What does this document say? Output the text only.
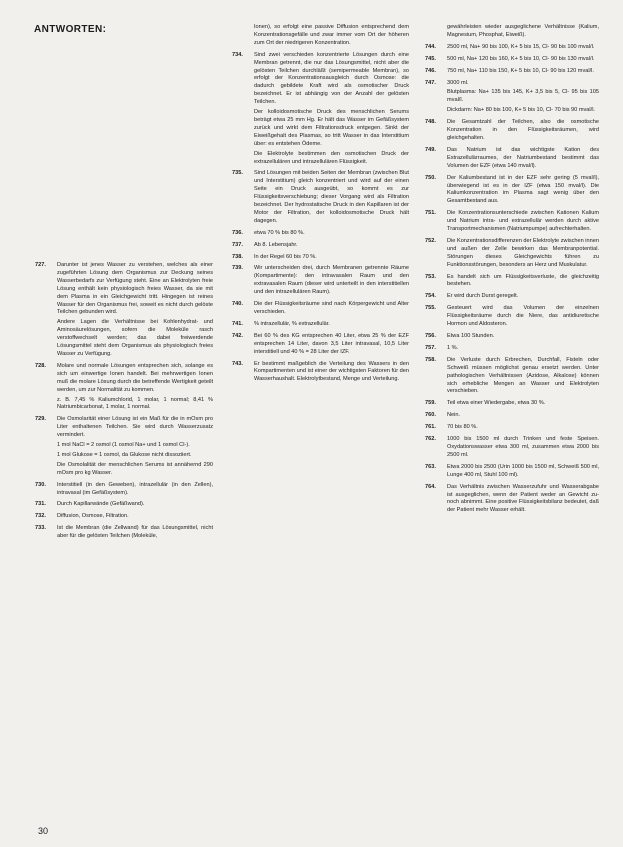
ANTWORTEN:
727.	Darunter ist jenes Wasser zu verstehen, welches als einer zugeführten Lösung dem Organismus zur Deckung seines Wasserbedarfs zur Verfügung steht. Eine an Elektrolyten freie Lösung enthält kein physiologisch freies Wasser, da sie mit dem Plasma in ein Gleichgewicht tritt. Hingegen ist reines Wasser für den Organismus frei, soweit es nicht durch gelöste Teilchen gebunden wird.

Andere Lagen die Verhältnisse bei Kohlenhydrat- und Aminosäurelösungen, sofern die Moleküle rasch verstoffwechselt werden; das dabei freiwerdende Lösungsmittel steht dem Organismus als physiologisch freies Wasser zu Verfügung.

728.	Molare und normale Lösungen entsprechen sich, solange es sich um einwertige Ionen handelt. Bei mehrwertigen Ionen muß die molare Lösung durch die betreffende Wertigkeit geteilt werden, um zur Normalität zu kommen.

z. B. 7,45 % Kaliumchlorid, 1 molar, 1 normal; 8,41 % Natriumbicarbonat, 1 molar, 1 normal.

729.	Die Osmolarität einer Lösung ist ein Maß für die in mOsm pro Liter enthaltenen Teilchen. Sie wird durch Wasserzusatz vermindert.

1 mol NaCl = 2 osmol (1 osmol Na+ und 1 osmol Cl-).

1 mol Glukose = 1 osmol, da Glukose nicht dissoziiert.

Die Osmolalität der menschlichen Serums ist annähernd 290 mOsm pro kg Wasser.

730.	Interstitiell (in den Geweben), intrazellulär (in den Zellen), intravasal (im Gefäßsystem).

731.	Durch Kapillarwände (Gefäßwand).

732.	Diffusion, Osmose, Filtration.

733.	Ist die Membran (die Zellwand) für das Lösungsmittel, nicht aber für die gelösten Teilchen (Moleküle,

Ionen), so erfolgt eine passive Diffusion entsprechend dem Konzentrationsgefälle und zwar immer vom Ort der höheren zum Ort der niedrigeren Konzentration.

734.	Sind zwei verschieden konzentrierte Lösungen durch eine Membran getrennt, die nur das Lösungsmittel, nicht aber die gelösten Teilchen durchläßt (semipermeable Membran), so erfolgt der Konzentrationsausgleich durch Osmose: die dadurch gebildete Kraft wird als osmotischer Druck bezeichnet. Er ist abhängig von der Anzahl der gelösten Teilchen.

Der kolloidosmotische Druck des menschlichen Serums beträgt etwa 25 mm Hg. Er hält das Wasser im Gefäßsystem zurück und wirkt dem Filtrationsdruck entgegen. Sinkt der Eiweißgehalt des Plasmas, so tritt Wasser in das Interstitium über: es entstehen Ödeme.

Die Elektrolyte bestimmen den osmotischen Druck der extrazellulären und intrazellulären Flüssigkeit.

735.	Sind Lösungen mit beiden Seiten der Membran (zwischen Blut und Interstitium) gleich konzentriert und wird auf der einen Seite ein Druck ausgeübt, so kommt es zur Flüssigkeitsverschiebung; dieser Vorgang wird als Filtration bezeichnet. Der hydrostatische Druck in den Kapillaren ist der Motor der Filtration, der kolloidosmotische Druck hält dagegen.

736.	etwa 70 % bis 80 %.

737.	Ab 8. Lebensjahr.

738.	In der Regel 60 bis 70 %.

739.	Wir unterscheiden drei, durch Membranen getrennte Räume (Kompartimente): den intravasalen Raum und den extravasalen Raum (dieser wird unterteilt in den interstitiellen und den intrazellulären Raum).

740.	Die der Flüssigkeitsräume sind nach Körpergewicht und Alter verschieden.

741.	% intrazellulär, % extrazellulär.

742.	Bei 60 % des KG entsprechen 40 Liter, etwa 25 % der EZF entsprechen 14 Liter, davon 3,5 Liter intravasal, 10,5 Liter interstitiell und 40 % = 28 Liter der IZF.

743.	Er bestimmt maßgeblich die Verteilung des Wassers in den Kompartimenten und ist einer der wichtigsten Faktoren für den Wasserhaushalt. Elektrolytbestand, Menge und Verteilung.

gewährleisten wieder ausgeglichene Verhältnisse (Kalium, Magnesium, Phosphat, Eiweiß).

744.	2500 ml, Na+ 90 bis 100, K+ 5 bis 15, Cl- 90 bis 100 mval/l.

745.	500 ml, Na+ 120 bis 160, K+ 5 bis 10, Cl- 90 bis 130 mval/l.

746.	750 ml, Na+ 110 bis 150, K+ 5 bis 10, Cl- 90 bis 120 mval/l.

747.	3000 ml.

Blutplasma: Na+ 135 bis 145, K+ 3,5 bis 5, Cl- 95 bis 105 mval/l.

Dickdarm: Na+ 80 bis 100, K+ 5 bis 10, Cl- 70 bis 90 mval/l.

748.	Die Gesamtzahl der Teilchen, also die osmotische Konzentration in den Flüssigkeitsräumen, wird gleichgehalten.

749.	Das Natrium ist das wichtigste Kation des Extrazellulärraumes, der Natriumbestand bestimmt das Volumen der EZF (etwa 140 mval/l).

750.	Der Kaliumbestand ist in der EZF sehr gering (5 mval/l), überwiegend ist es in der IZF (etwa 150 mval/l). Die Kaliumkonzentration im Plasma sagt wenig über den Gesamtbestand aus.

751.	Die Konzentrationsunterschiede zwischen Kationen Kalium und Natrium intra- und extrazellulär werden durch aktive Transportmechanismen (Natriumpumpe) aufrechterhalten.

752.	Die Konzentrationsdifferenzen der Elektrolyte zwischen innen und außen der Zelle bewirken das Membranpotential. Störungen dieses Gleichgewichts führen zu Funktionsstörungen, besonders an Herz und Muskulatur.

753.	Es handelt sich um Flüssigkeitsverluste, die gleichzeitig bestehen.

754.	Er wird durch Durst geregelt.

755.	Gesteuert wird das Volumen der einzelnen Flüssigkeitsräume durch die Niere, das antidiuretische Hormon und Aldosteron.

756.	Etwa 100 Stunden.

757.	1 %.

758.	Die Verluste durch Erbrechen, Durchfall, Fisteln oder Schweiß müssen möglichst genau ersetzt werden. Unter pathologischen Verhältnissen (Azidose, Alkalose) können sich erhebliche Mengen an Wasser und Elektrolyten verschieben.

759.	Teil etwa einer Wiedergabe, etwa 30 %.

760.	Nein.

761.	70 bis 80 %.

762.	1000 bis 1500 ml durch Trinken und feste Speisen. Oxydationswasser etwa 300 ml, zusammen etwa 2000 bis 2500 ml.

763.	Etwa 2000 bis 2500 (Urin 1000 bis 1500 ml, Schweiß 500 ml, Lunge 400 ml, Stuhl 100 ml).

764.	Das Verhältnis zwischen Wasserzufuhr und Wasserabgabe ist ausgeglichen, wenn der Patient weder an Gewicht zu- noch abnimmt. Eine positive Flüssigkeitsbilanz bedeutet, daß der Patient mehr Wasser erhält.

30
